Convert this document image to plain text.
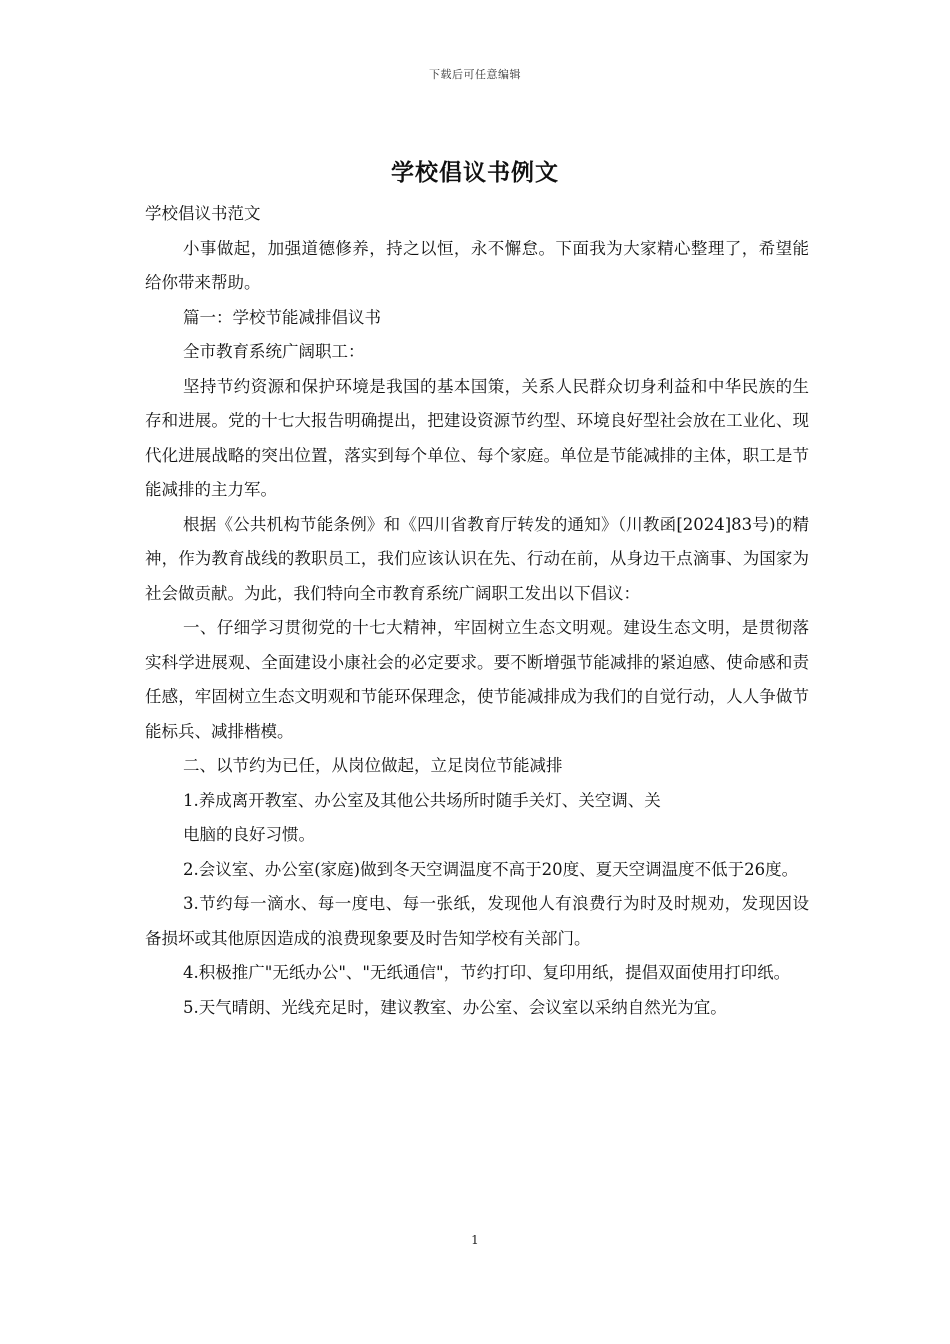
下载后可任意编辑
学校倡议书例文

学校倡议书范文

小事做起，加强道德修养，持之以恒，永不懈怠。下面我为大家精心整理了，希望能给你带来帮助。

篇一：学校节能减排倡议书

全市教育系统广阔职工：

坚持节约资源和保护环境是我国的基本国策，关系人民群众切身利益和中华民族的生存和进展。党的十七大报告明确提出，把建设资源节约型、环境良好型社会放在工业化、现代化进展战略的突出位置，落实到每个单位、每个家庭。单位是节能减排的主体，职工是节能减排的主力军。

根据《公共机构节能条例》和《四川省教育厅转发的通知》（川教函[2024]83号)的精神，作为教育战线的教职员工，我们应该认识在先、行动在前，从身边干点滴事、为国家为社会做贡献。为此，我们特向全市教育系统广阔职工发出以下倡议：

一、仔细学习贯彻党的十七大精神，牢固树立生态文明观。建设生态文明，是贯彻落实科学进展观、全面建设小康社会的必定要求。要不断增强节能减排的紧迫感、使命感和责任感，牢固树立生态文明观和节能环保理念，使节能减排成为我们的自觉行动，人人争做节能标兵、减排楷模。

二、以节约为已任，从岗位做起，立足岗位节能减排

1.养成离开教室、办公室及其他公共场所时随手关灯、关空调、关

电脑的良好习惯。

2.会议室、办公室(家庭)做到冬天空调温度不高于20度、夏天空调温度不低于26度。

3.节约每一滴水、每一度电、每一张纸，发现他人有浪费行为时及时规劝，发现因设备损坏或其他原因造成的浪费现象要及时告知学校有关部门。

4.积极推广"无纸办公"、"无纸通信"，节约打印、复印用纸，提倡双面使用打印纸。

5.天气晴朗、光线充足时，建议教室、办公室、会议室以采纳自然光为宜。

1
